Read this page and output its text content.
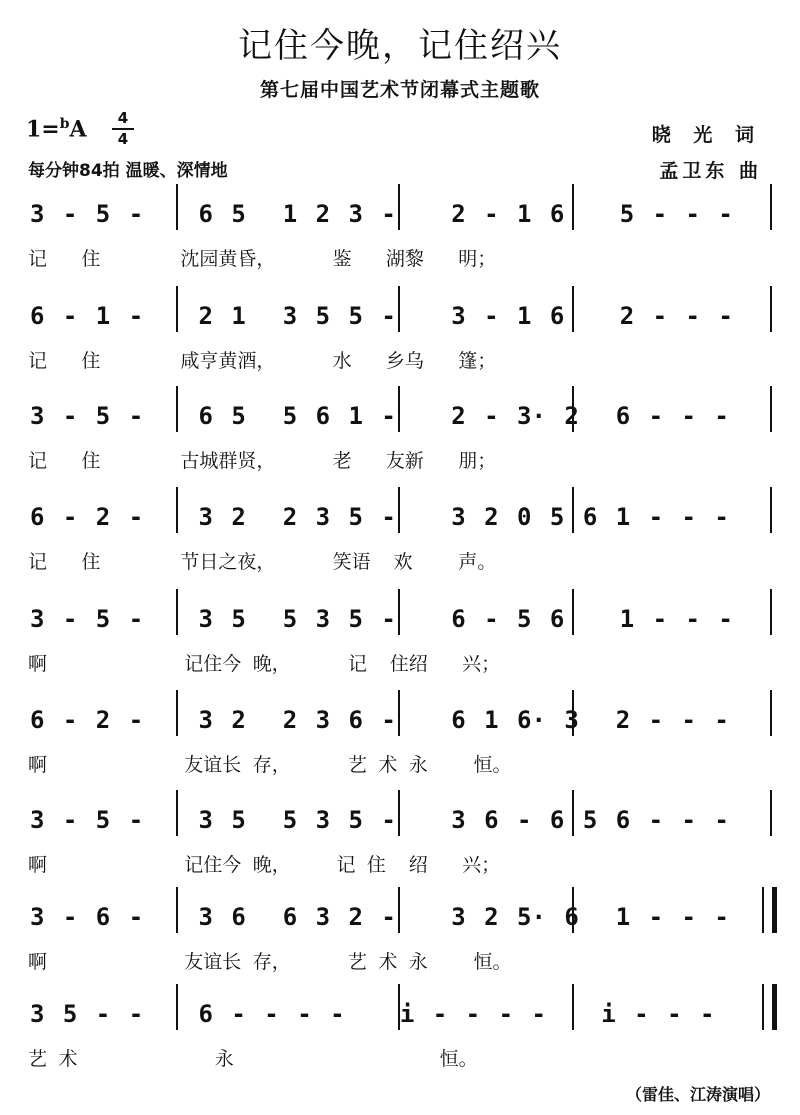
记住今晚，记住绍兴
第七届中国艺术节闭幕式主题歌
1=$^b$A	4
4
每分钟84拍 温暖、深情地
晓 光 词
孟卫东 曲
3 - 5 -   6 5  1 2 3 -   2 - 1 6   5 - - -
记   住       沈园黄昏，     鉴   湖黎   明；
6 - 1 -   2 1  3 5 5 -   3 - 1 6   2 - - -
记   住       咸亨黄酒，     水   乡乌   篷；
3 - 5 -   6 5  5 6 1 -   2 - 3· 2  6 - - -
记   住       古城群贤，     老   友新   朋；
6 - 2 -   3 2  2 3 5 -   3 2 0 5 6 1 - - -
记   住       节日之夜，     笑语  欢    声。
3 - 5 -   3 5  5 3 5 -   6 - 5 6   1 - - -
啊            记住今 晚，     记  住绍   兴；
6 - 2 -   3 2  2 3 6 -   6 1 6· 3  2 - - -
啊            友谊长 存，     艺 术 永    恒。
3 - 5 -   3 5  5 3 5 -   3 6 - 6 5 6 - - -
啊            记住今 晚，    记 住  绍   兴；
3 - 6 -   3 6  6 3 2 -   3 2 5· 6  1 - - -
啊            友谊长 存，     艺 术 永    恒。
3 5 - -   6 - - - -   i - - - -   i - - -
艺 术            永                  恒。
（雷佳、江涛演唱）
